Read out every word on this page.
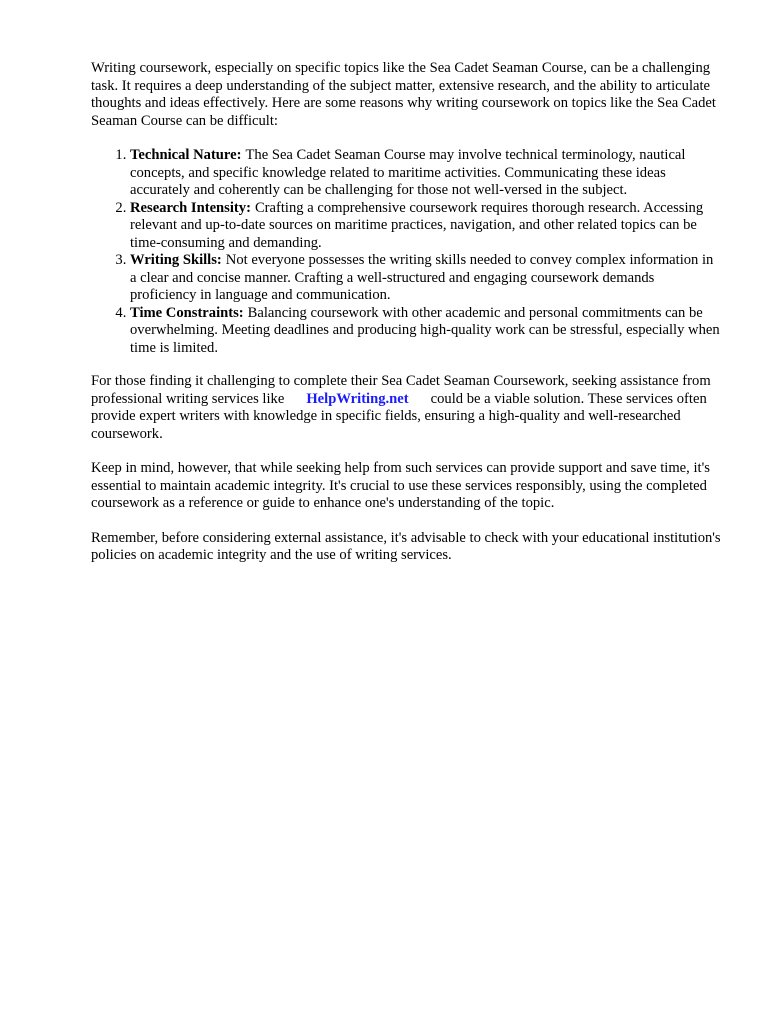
Writing coursework, especially on specific topics like the Sea Cadet Seaman Course, can be a challenging task. It requires a deep understanding of the subject matter, extensive research, and the ability to articulate thoughts and ideas effectively. Here are some reasons why writing coursework on topics like the Sea Cadet Seaman Course can be difficult:

1. Technical Nature: The Sea Cadet Seaman Course may involve technical terminology, nautical concepts, and specific knowledge related to maritime activities. Communicating these ideas accurately and coherently can be challenging for those not well-versed in the subject.
2. Research Intensity: Crafting a comprehensive coursework requires thorough research. Accessing relevant and up-to-date sources on maritime practices, navigation, and other related topics can be time-consuming and demanding.
3. Writing Skills: Not everyone possesses the writing skills needed to convey complex information in a clear and concise manner. Crafting a well-structured and engaging coursework demands proficiency in language and communication.
4. Time Constraints: Balancing coursework with other academic and personal commitments can be overwhelming. Meeting deadlines and producing high-quality work can be stressful, especially when time is limited.

For those finding it challenging to complete their Sea Cadet Seaman Coursework, seeking assistance from professional writing services like HelpWriting.net could be a viable solution. These services often provide expert writers with knowledge in specific fields, ensuring a high-quality and well-researched coursework.

Keep in mind, however, that while seeking help from such services can provide support and save time, it's essential to maintain academic integrity. It's crucial to use these services responsibly, using the completed coursework as a reference or guide to enhance one's understanding of the topic.

Remember, before considering external assistance, it's advisable to check with your educational institution's policies on academic integrity and the use of writing services.
